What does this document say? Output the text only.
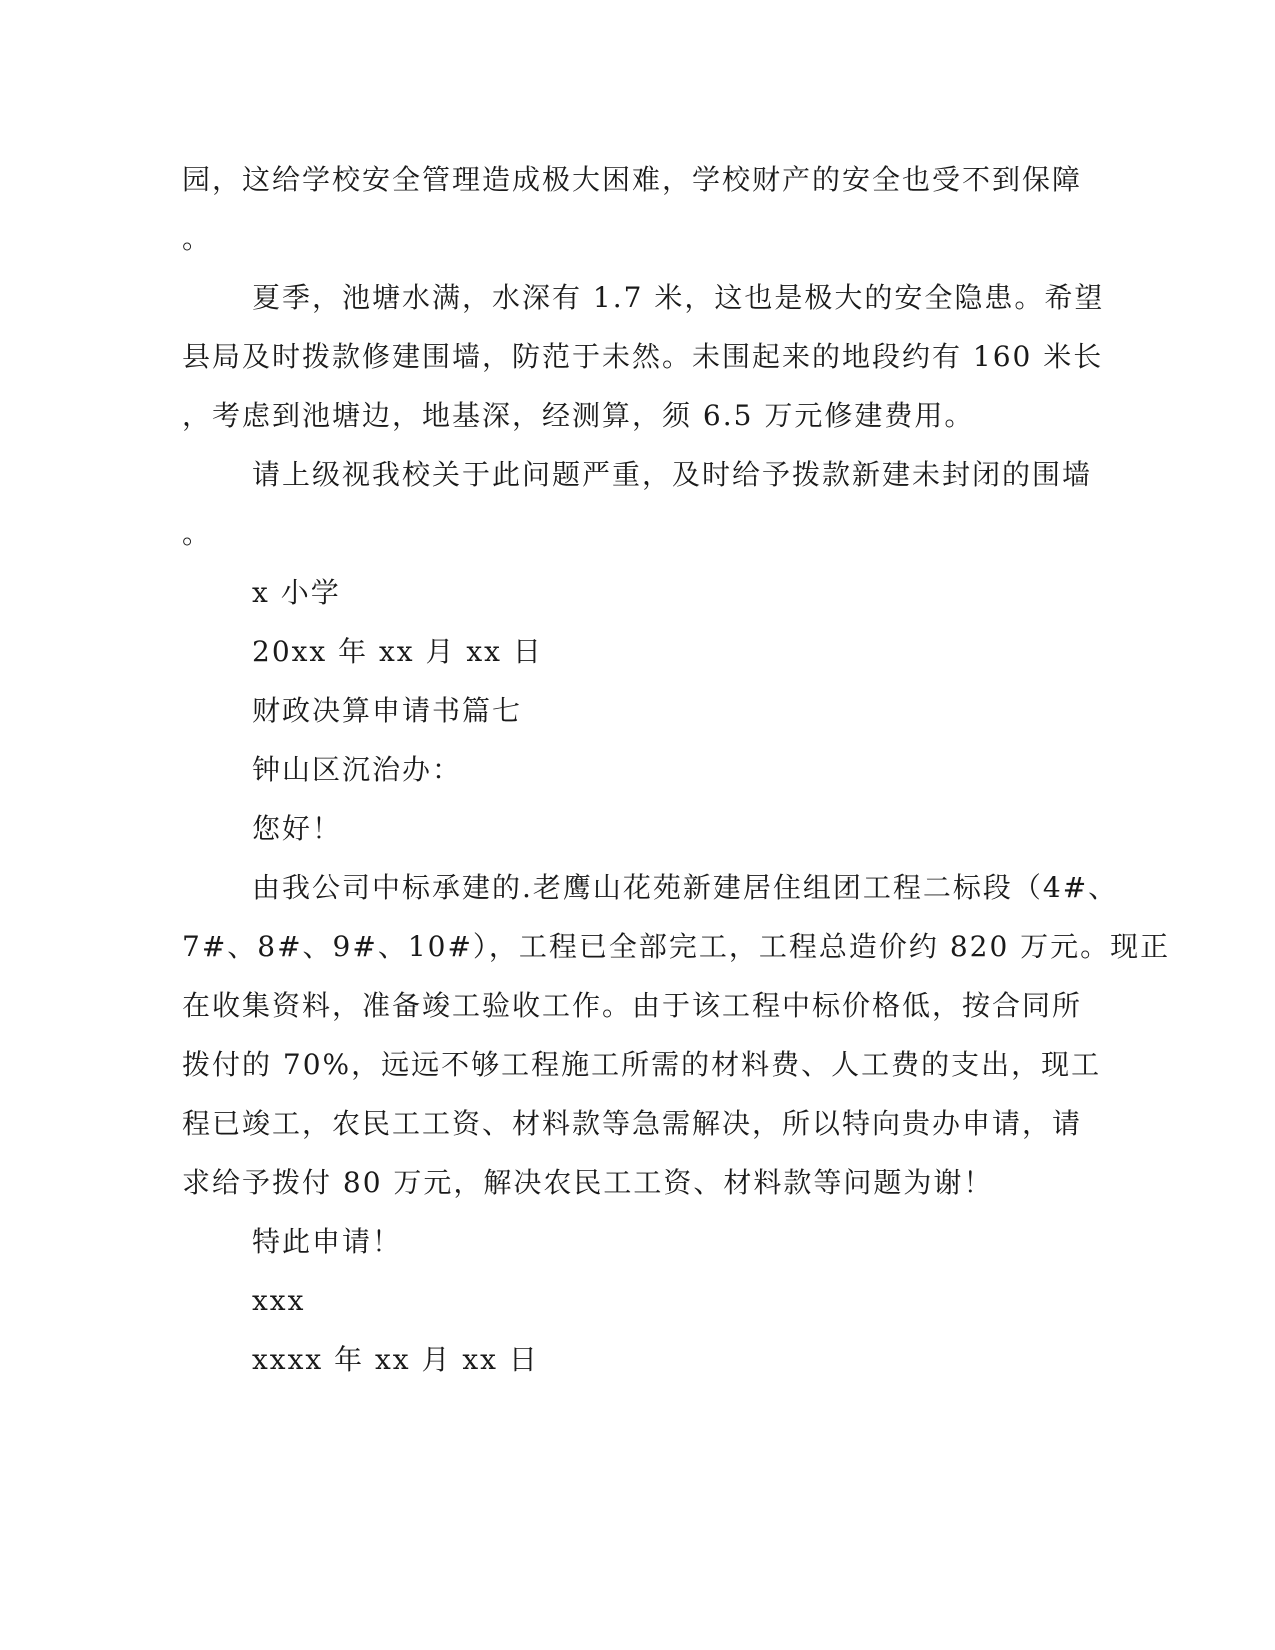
园，这给学校安全管理造成极大困难，学校财产的安全也受不到保障
。
夏季，池塘水满，水深有 1.7 米，这也是极大的安全隐患。希望
县局及时拨款修建围墙，防范于未然。未围起来的地段约有 160 米长
，考虑到池塘边，地基深，经测算，须 6.5 万元修建费用。
请上级视我校关于此问题严重，及时给予拨款新建未封闭的围墙
。
x 小学
20xx 年 xx 月 xx 日
财政决算申请书篇七
钟山区沉治办：
您好！
由我公司中标承建的.老鹰山花苑新建居住组团工程二标段（4#、
7#、8#、9#、10#），工程已全部完工，工程总造价约 820 万元。现正
在收集资料，准备竣工验收工作。由于该工程中标价格低，按合同所
拨付的 70%，远远不够工程施工所需的材料费、人工费的支出，现工
程已竣工，农民工工资、材料款等急需解决，所以特向贵办申请，请
求给予拨付 80 万元，解决农民工工资、材料款等问题为谢！
特此申请！
xxx
xxxx 年 xx 月 xx 日
